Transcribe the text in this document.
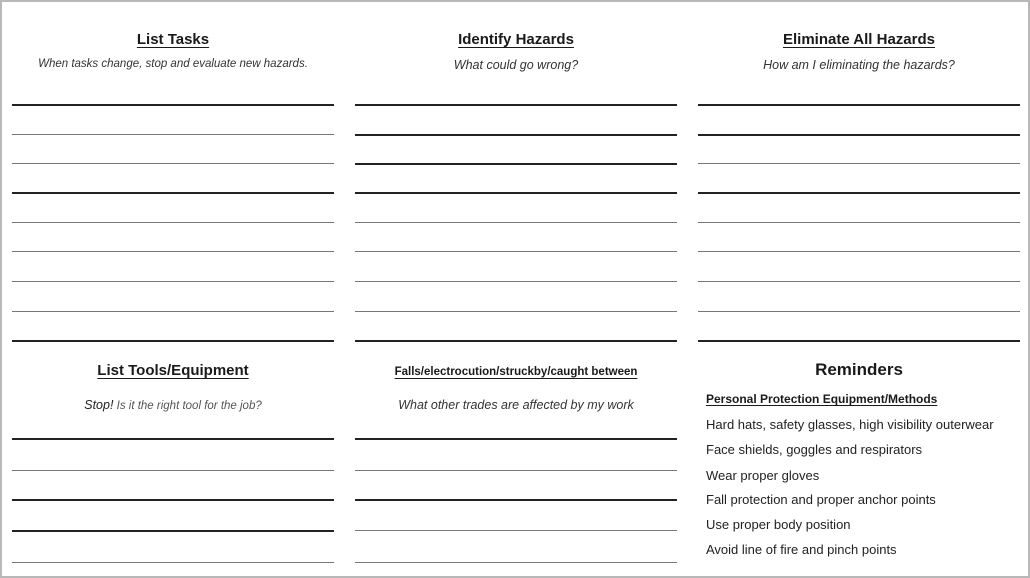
List Tasks
When tasks change, stop and evaluate new hazards.
Identify Hazards
What could go wrong?
Eliminate All Hazards
How am I eliminating the hazards?
List Tools/Equipment
Stop! Is it the right tool for the job?
Falls/electrocution/struckby/caught between
What other trades are affected by my work
Reminders
Personal Protection Equipment/Methods
Hard hats, safety glasses, high visibility outerwear
Face shields, goggles and respirators
Wear proper gloves
Fall protection and proper anchor points
Use proper body position
Avoid line of fire and pinch points
